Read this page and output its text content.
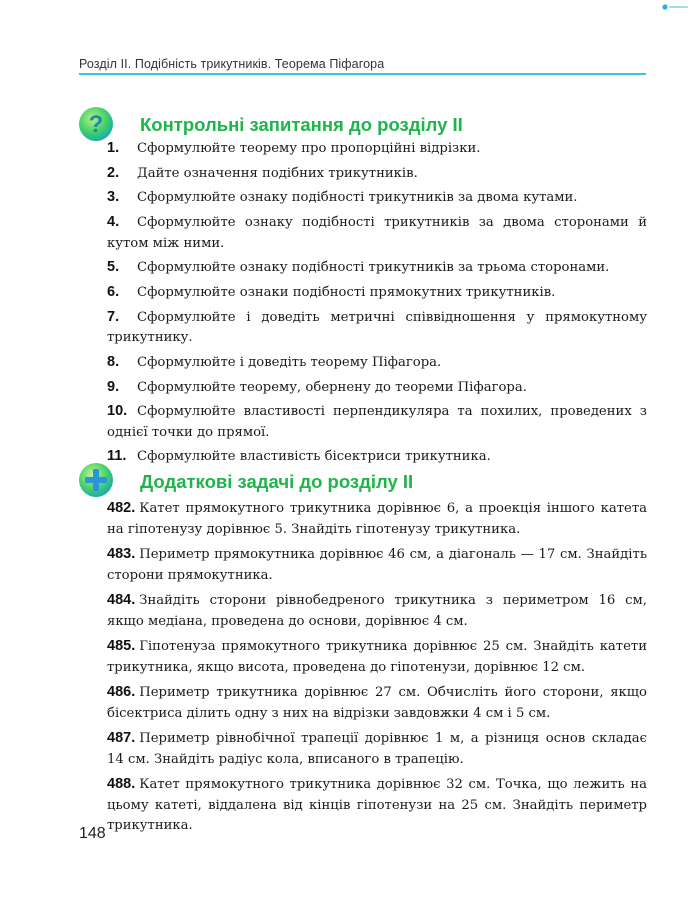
Розділ ІІ. Подібність трикутників. Теорема Піфагора
? Контрольні запитання до розділу ІІ
1. Сформулюйте теорему про пропорційні відрізки.
2. Дайте означення подібних трикутників.
3. Сформулюйте ознаку подібності трикутників за двома кутами.
4. Сформулюйте ознаку подібності трикутників за двома сторонами й кутом між ними.
5. Сформулюйте ознаку подібності трикутників за трьома сторонами.
6. Сформулюйте ознаки подібності прямокутних трикутників.
7. Сформулюйте і доведіть метричні співвідношення у прямокутному трикутнику.
8. Сформулюйте і доведіть теорему Піфагора.
9. Сформулюйте теорему, обернену до теореми Піфагора.
10. Сформулюйте властивості перпендикуляра та похилих, проведених з однієї точки до прямої.
11. Сформулюйте властивість бісектриси трикутника.
Додаткові задачі до розділу ІІ
482. Катет прямокутного трикутника дорівнює 6, а проекція іншого катета на гіпотенузу дорівнює 5. Знайдіть гіпотенузу трикутника.
483. Периметр прямокутника дорівнює 46 см, а діагональ — 17 см. Знайдіть сторони прямокутника.
484. Знайдіть сторони рівнобедреного трикутника з периметром 16 см, якщо медіана, проведена до основи, дорівнює 4 см.
485. Гіпотенуза прямокутного трикутника дорівнює 25 см. Знайдіть катети трикутника, якщо висота, проведена до гіпотенузи, дорівнює 12 см.
486. Периметр трикутника дорівнює 27 см. Обчисліть його сторони, якщо бісектриса ділить одну з них на відрізки завдовжки 4 см і 5 см.
487. Периметр рівнобічної трапеції дорівнює 1 м, а різниця основ складає 14 см. Знайдіть радіус кола, вписаного в трапецію.
488. Катет прямокутного трикутника дорівнює 32 см. Точка, що лежить на цьому катеті, віддалена від кінців гіпотенузи на 25 см. Знайдіть периметр трикутника.
148
